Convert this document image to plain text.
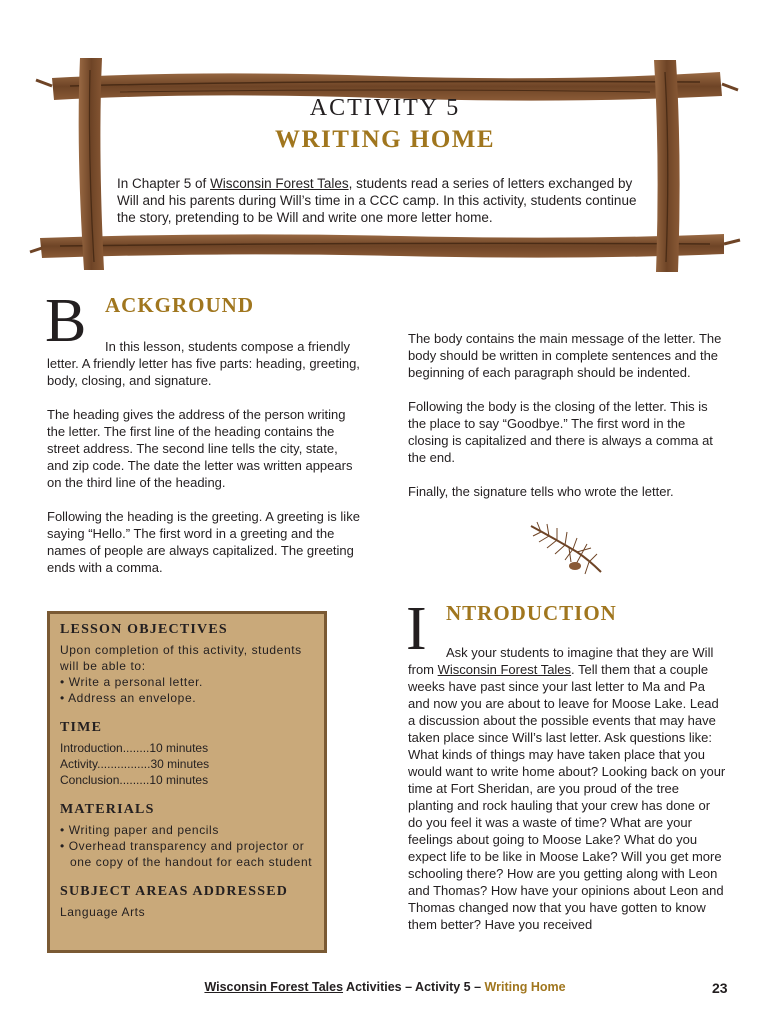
ACTIVITY 5
WRITING HOME
In Chapter 5 of Wisconsin Forest Tales, students read a series of letters exchanged by Will and his parents during Will’s time in a CCC camp. In this activity, students continue the story, pretending to be Will and write one more letter home.
B ACKGROUND

In this lesson, students compose a friendly letter. A friendly letter has five parts: heading, greeting, body, closing, and signature.

The heading gives the address of the person writing the letter. The first line of the heading contains the street address. The second line tells the city, state, and zip code. The date the letter was written appears on the third line of the heading.

Following the heading is the greeting. A greeting is like saying “Hello.” The first word in a greeting and the names of people are always capitalized. The greeting ends with a comma.

The body contains the main message of the letter. The body should be written in complete sentences and the beginning of each paragraph should be indented.

Following the body is the closing of the letter. This is the place to say “Goodbye.” The first word in the closing is capitalized and there is always a comma at the end.

Finally, the signature tells who wrote the letter.

LESSON OBJECTIVES
Upon completion of this activity, students will be able to:
• Write a personal letter.
• Address an envelope.
TIME
Introduction........10 minutes
Activity................30 minutes
Conclusion.........10 minutes
MATERIALS
• Writing paper and pencils
• Overhead transparency and projector or one copy of the handout for each student
SUBJECT AREAS ADDRESSED
Language Arts
I NTRODUCTION

Ask your students to imagine that they are Will from Wisconsin Forest Tales. Tell them that a couple weeks have past since your last letter to Ma and Pa and now you are about to leave for Moose Lake. Lead a discussion about the possible events that may have taken place since Will’s last letter. Ask questions like: What kinds of things may have taken place that you would want to write home about? Looking back on your time at Fort Sheridan, are you proud of the tree planting and rock hauling that your crew has done or do you feel it was a waste of time? What are your feelings about going to Moose Lake? What do you expect life to be like in Moose Lake? Will you get more schooling there? How are you getting along with Leon and Thomas? How have your opinions about Leon and Thomas changed now that you have gotten to know them better? Have you received

Wisconsin Forest Tales Activities – Activity 5 – Writing Home	23
